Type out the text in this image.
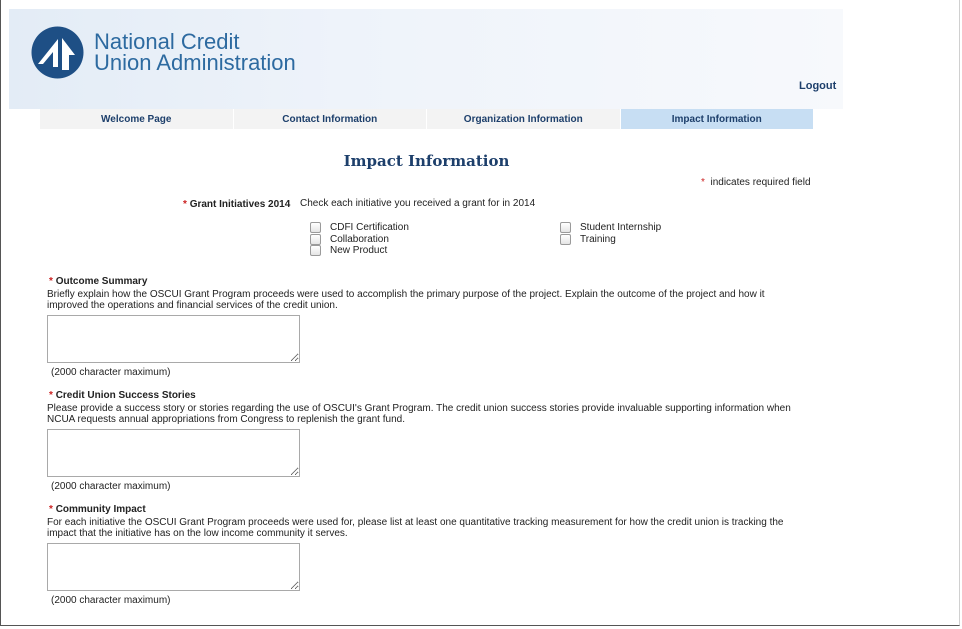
National Credit
Union Administration
Logout
Welcome Page	Contact Information	Organization Information	Impact Information
Impact Information
* indicates required field
* Grant Initiatives 2014 Check each initiative you received a grant for in 2014
CDFI Certification
Collaboration
New Product
Student Internship
Training
* Outcome Summary
Briefly explain how the OSCUI Grant Program proceeds were used to accomplish the primary purpose of the project. Explain the outcome of the project and how it improved the operations and financial services of the credit union.
(2000 character maximum)
* Credit Union Success Stories
Please provide a success story or stories regarding the use of OSCUI's Grant Program. The credit union success stories provide invaluable supporting information when NCUA requests annual appropriations from Congress to replenish the grant fund.
(2000 character maximum)
* Community Impact
For each initiative the OSCUI Grant Program proceeds were used for, please list at least one quantitative tracking measurement for how the credit union is tracking the impact that the initiative has on the low income community it serves.
(2000 character maximum)
